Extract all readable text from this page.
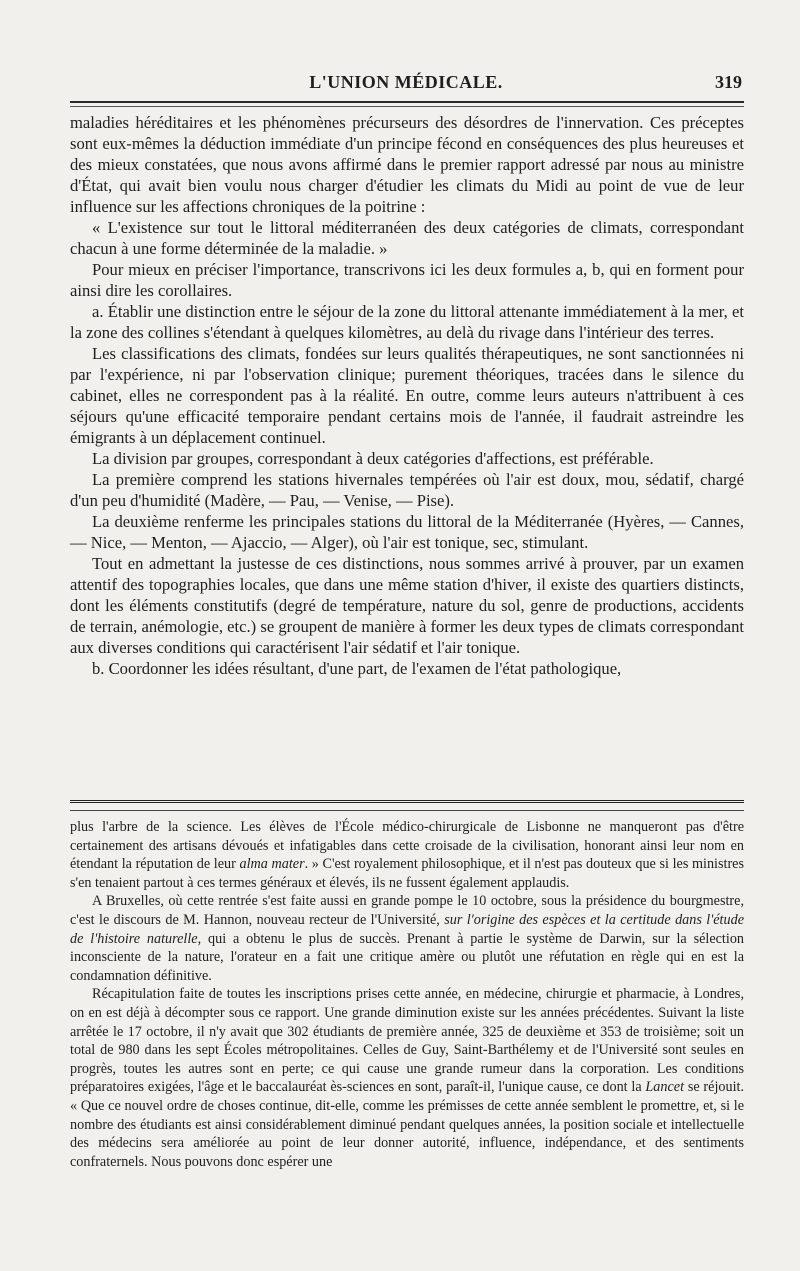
L'UNION MÉDICALE.	319

maladies héréditaires et les phénomènes précurseurs des désordres de l'innervation. Ces préceptes sont eux-mêmes la déduction immédiate d'un principe fécond en conséquences des plus heureuses et des mieux constatées, que nous avons affirmé dans le premier rapport adressé par nous au ministre d'État, qui avait bien voulu nous charger d'étudier les climats du Midi au point de vue de leur influence sur les affections chroniques de la poitrine :

« L'existence sur tout le littoral méditerranéen des deux catégories de climats, correspondant chacun à une forme déterminée de la maladie. »

Pour mieux en préciser l'importance, transcrivons ici les deux formules a, b, qui en forment pour ainsi dire les corollaires.

a. Établir une distinction entre le séjour de la zone du littoral attenante immédiatement à la mer, et la zone des collines s'étendant à quelques kilomètres, au delà du rivage dans l'intérieur des terres.

Les classifications des climats, fondées sur leurs qualités thérapeutiques, ne sont sanctionnées ni par l'expérience, ni par l'observation clinique; purement théoriques, tracées dans le silence du cabinet, elles ne correspondent pas à la réalité. En outre, comme leurs auteurs n'attribuent à ces séjours qu'une efficacité temporaire pendant certains mois de l'année, il faudrait astreindre les émigrants à un déplacement continuel.

La division par groupes, correspondant à deux catégories d'affections, est préférable.

La première comprend les stations hivernales tempérées où l'air est doux, mou, sédatif, chargé d'un peu d'humidité (Madère, — Pau, — Venise, — Pise).

La deuxième renferme les principales stations du littoral de la Méditerranée (Hyères, — Cannes, — Nice, — Menton, — Ajaccio, — Alger), où l'air est tonique, sec, stimulant.

Tout en admettant la justesse de ces distinctions, nous sommes arrivé à prouver, par un examen attentif des topographies locales, que dans une même station d'hiver, il existe des quartiers distincts, dont les éléments constitutifs (degré de température, nature du sol, genre de productions, accidents de terrain, anémologie, etc.) se groupent de manière à former les deux types de climats correspondant aux diverses conditions qui caractérisent l'air sédatif et l'air tonique.

b. Coordonner les idées résultant, d'une part, de l'examen de l'état pathologique,

plus l'arbre de la science. Les élèves de l'École médico-chirurgicale de Lisbonne ne manqueront pas d'être certainement des artisans dévoués et infatigables dans cette croisade de la civilisation, honorant ainsi leur nom en étendant la réputation de leur alma mater. » C'est royalement philosophique, et il n'est pas douteux que si les ministres s'en tenaient partout à ces termes généraux et élevés, ils ne fussent également applaudis.

A Bruxelles, où cette rentrée s'est faite aussi en grande pompe le 10 octobre, sous la présidence du bourgmestre, c'est le discours de M. Hannon, nouveau recteur de l'Université, sur l'origine des espèces et la certitude dans l'étude de l'histoire naturelle, qui a obtenu le plus de succès. Prenant à partie le système de Darwin, sur la sélection inconsciente de la nature, l'orateur en a fait une critique amère ou plutôt une réfutation en règle qui en est la condamnation définitive.

Récapitulation faite de toutes les inscriptions prises cette année, en médecine, chirurgie et pharmacie, à Londres, on en est déjà à décompter sous ce rapport. Une grande diminution existe sur les années précédentes. Suivant la liste arrêtée le 17 octobre, il n'y avait que 302 étudiants de première année, 325 de deuxième et 353 de troisième; soit un total de 980 dans les sept Écoles métropolitaines. Celles de Guy, Saint-Barthélemy et de l'Université sont seules en progrès, toutes les autres sont en perte; ce qui cause une grande rumeur dans la corporation. Les conditions préparatoires exigées, l'âge et le baccalauréat ès-sciences en sont, paraît-il, l'unique cause, ce dont la Lancet se réjouit. « Que ce nouvel ordre de choses continue, dit-elle, comme les prémisses de cette année semblent le promettre, et, si le nombre des étudiants est ainsi considérablement diminué pendant quelques années, la position sociale et intellectuelle des médecins sera améliorée au point de leur donner autorité, influence, indépendance, et des sentiments confraternels. Nous pouvons donc espérer une
